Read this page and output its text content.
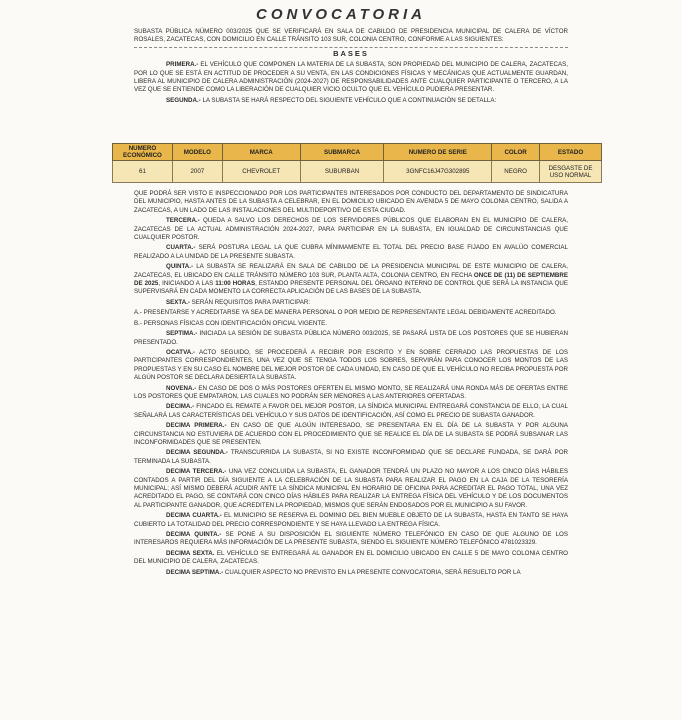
CONVOCATORIA
SUBASTA PÚBLICA NÚMERO 003/2025 QUE SE VERIFICARÁ EN SALA DE CABILDO DE PRESIDENCIA MUNICIPAL DE CALERA DE VÍCTOR ROSALES, ZACATECAS, CON DOMICILIO EN CALLE TRÁNSITO 103 SUR, COLONIA CENTRO, CONFORME A LAS SIGUIENTES:
BASES
PRIMERA.- EL VEHÍCULO QUE COMPONEN LA MATERIA DE LA SUBASTA, SON PROPIEDAD DEL MUNICIPIO DE CALERA, ZACATECAS, POR LO QUE SE ESTÁ EN ACTITUD DE PROCEDER A SU VENTA, EN LAS CONDICIONES FÍSICAS Y MECÁNICAS QUE ACTUALMENTE GUARDAN, LIBERA AL MUNICIPIO DE CALERA ADMINISTRACIÓN (2024-2027) DE RESPONSABILIDADES ANTE CUALQUIER PARTICIPANTE O TERCERO, A LA VEZ QUE SE ENTIENDE COMO LA LIBERACIÓN DE CUALQUIER VICIO OCULTO QUE EL VEHÍCULO PUDIERA PRESENTAR.
SEGUNDA.- LA SUBASTA SE HARÁ RESPECTO DEL SIGUIENTE VEHÍCULO QUE A CONTINUACIÓN SE DETALLA:
NUMERO ECONÓMICO	MODELO	MARCA	SUBMARCA	NUMERO DE SERIE	COLOR	ESTADO
61	2007	CHEVROLET	SUBURBAN	3GNFC16J47G302895	NEGRO	DESGASTE DE USO NORMAL
QUE PODRÁ SER VISTO E INSPECCIONADO POR LOS PARTICIPANTES INTERESADOS POR CONDUCTO DEL DEPARTAMENTO DE SINDICATURA DEL MUNICIPIO, HASTA ANTES DE LA SUBASTA A CELEBRAR, EN EL DOMICILIO UBICADO EN AVENIDA 5 DE MAYO COLONIA CENTRO, SALIDA A ZACATECAS, A UN LADO DE LAS INSTALACIONES DEL MULTIDEPORTIVO DE ESTA CIUDAD.
TERCERA.- QUEDA A SALVO LOS DERECHOS DE LOS SERVIDORES PÚBLICOS QUE ELABORAN EN EL MUNICIPIO DE CALERA, ZACATECAS DE LA ACTUAL ADMINISTRACIÓN 2024-2027, PARA PARTICIPAR EN LA SUBASTA, EN IGUALDAD DE CIRCUNSTANCIAS QUE CUALQUIER POSTOR.
CUARTA.- SERÁ POSTURA LEGAL LA QUE CUBRA MÍNIMAMENTE EL TOTAL DEL PRECIO BASE FIJADO EN AVALÚO COMERCIAL REALIZADO A LA UNIDAD DE LA PRESENTE SUBASTA.
QUINTA.- LA SUBASTA SE REALIZARÁ EN SALA DE CABILDO DE LA PRESIDENCIA MUNICIPAL DE ESTE MUNICIPIO DE CALERA, ZACATECAS, EL UBICADO EN CALLE TRÁNSITO NÚMERO 103 SUR, PLANTA ALTA, COLONIA CENTRO, EN FECHA ONCE DE (11) DE SEPTIEMBRE DE 2025, INICIANDO A LAS 11:00 HORAS, ESTANDO PRESENTE PERSONAL DEL ÓRGANO INTERNO DE CONTROL QUE SERÁ LA INSTANCIA QUE SUPERVISARÁ EN CADA MOMENTO LA CORRECTA APLICACIÓN DE LAS BASES DE LA SUBASTA.
SEXTA.- SERÁN REQUISITOS PARA PARTICIPAR:
A.- PRESENTARSE Y ACREDITARSE YA SEA DE MANERA PERSONAL O POR MEDIO DE REPRESENTANTE LEGAL DEBIDAMENTE ACREDITADO.
B.- PERSONAS FÍSICAS CON IDENTIFICACIÓN OFICIAL VIGENTE.
SEPTIMA.- INICIADA LA SESIÓN DE SUBASTA PÚBLICA NÚMERO 003/2025, SE PASARÁ LISTA DE LOS POSTORES QUE SE HUBIERAN PRESENTADO.
OCATVA.- ACTO SEGUIDO, SE PROCEDERÁ A RECIBIR POR ESCRITO Y EN SOBRE CERRADO LAS PROPUESTAS DE LOS PARTICIPANTES CORRESPONDIENTES, UNA VEZ QUE SE TENGA TODOS LOS SOBRES, SERVIRÁN PARA CONOCER LOS MONTOS DE LAS PROPUESTAS Y EN SU CASO EL NOMBRE DEL MEJOR POSTOR DE CADA UNIDAD, EN CASO DE QUE EL VEHÍCULO NO RECIBA PROPUESTA POR ALGÚN POSTOR SE DECLARA DESIERTA LA SUBASTA.
NOVENA.- EN CASO DE DOS O MÁS POSTORES OFERTEN EL MISMO MONTO, SE REALIZARÁ UNA RONDA MÁS DE OFERTAS ENTRE LOS POSTORES QUE EMPATARON, LAS CUALES NO PODRÁN SER MENORES A LAS ANTERIORES OFERTADAS.
DECIMA.- FINCADO EL REMATE A FAVOR DEL MEJOR POSTOR, LA SÍNDICA MUNICIPAL ENTREGARÁ CONSTANCIA DE ELLO, LA CUAL SEÑALARÁ LAS CARACTERÍSTICAS DEL VEHÍCULO Y SUS DATOS DE IDENTIFICACIÓN, ASÍ COMO EL PRECIO DE SUBASTA GANADOR.
DECIMA PRIMERA.- EN CASO DE QUE ALGÚN INTERESADO, SE PRESENTARA EN EL DÍA DE LA SUBASTA Y POR ALGUNA CIRCUNSTANCIA NO ESTUVIERA DE ACUERDO CON EL PROCEDIMIENTO QUE SE REALICE EL DÍA DE LA SUBASTA SE PODRÁ SUBSANAR LAS INCONFORMIDADES QUE SE PRESENTEN.
DECIMA SEGUNDA.- TRANSCURRIDA LA SUBASTA, SI NO EXISTE INCONFORMIDAD QUE SE DECLARE FUNDADA, SE DARÁ POR TERMINADA LA SUBASTA.
DECIMA TERCERA.- UNA VEZ CONCLUIDA LA SUBASTA, EL GANADOR TENDRÁ UN PLAZO NO MAYOR A LOS CINCO DÍAS HÁBILES CONTADOS A PARTIR DEL DÍA SIGUIENTE A LA CELEBRACIÓN DE LA SUBASTA PARA REALIZAR EL PAGO EN LA CAJA DE LA TESORERÍA MUNICIPAL; ASÍ MISMO DEBERÁ ACUDIR ANTE LA SÍNDICA MUNICIPAL EN HORARIO DE OFICINA PARA ACREDITAR EL PAGO TOTAL, UNA VEZ ACREDITADO EL PAGO, SE CONTARÁ CON CINCO DÍAS HÁBILES PARA REALIZAR LA ENTREGA FÍSICA DEL VEHÍCULO Y DE LOS DOCUMENTOS AL PARTICIPANTE GANADOR, QUE ACREDITEN LA PROPIEDAD, MISMOS QUE SERÁN ENDOSADOS POR EL MUNICIPIO A SU FAVOR.
DECIMA CUARTA.- EL MUNICIPIO SE RESERVA EL DOMINIO DEL BIEN MUEBLE OBJETO DE LA SUBASTA, HASTA EN TANTO SE HAYA CUBIERTO LA TOTALIDAD DEL PRECIO CORRESPONDIENTE Y SE HAYA LLEVADO LA ENTREGA FÍSICA.
DECIMA QUINTA.- SE PONE A SU DISPOSICIÓN EL SIGUIENTE NÚMERO TELEFÓNICO EN CASO DE QUE ALGUNO DE LOS INTERESAROS REQUIERA MÁS INFORMACIÓN DE LA PRESENTE SUBASTA, SIENDO EL SIGUIENTE NÚMERO TELEFÓNICO 4781023329.
DECIMA SEXTA. EL VEHÍCULO SE ENTREGARÁ AL GANADOR EN EL DOMICILIO UBICADO EN CALLE 5 DE MAYO COLONIA CENTRO DEL MUNICIPIO DE CALERA, ZACATECAS.
DECIMA SEPTIMA.- CUALQUIER ASPECTO NO PREVISTO EN LA PRESENTE CONVOCATORIA, SERÁ RESUELTO POR LA
